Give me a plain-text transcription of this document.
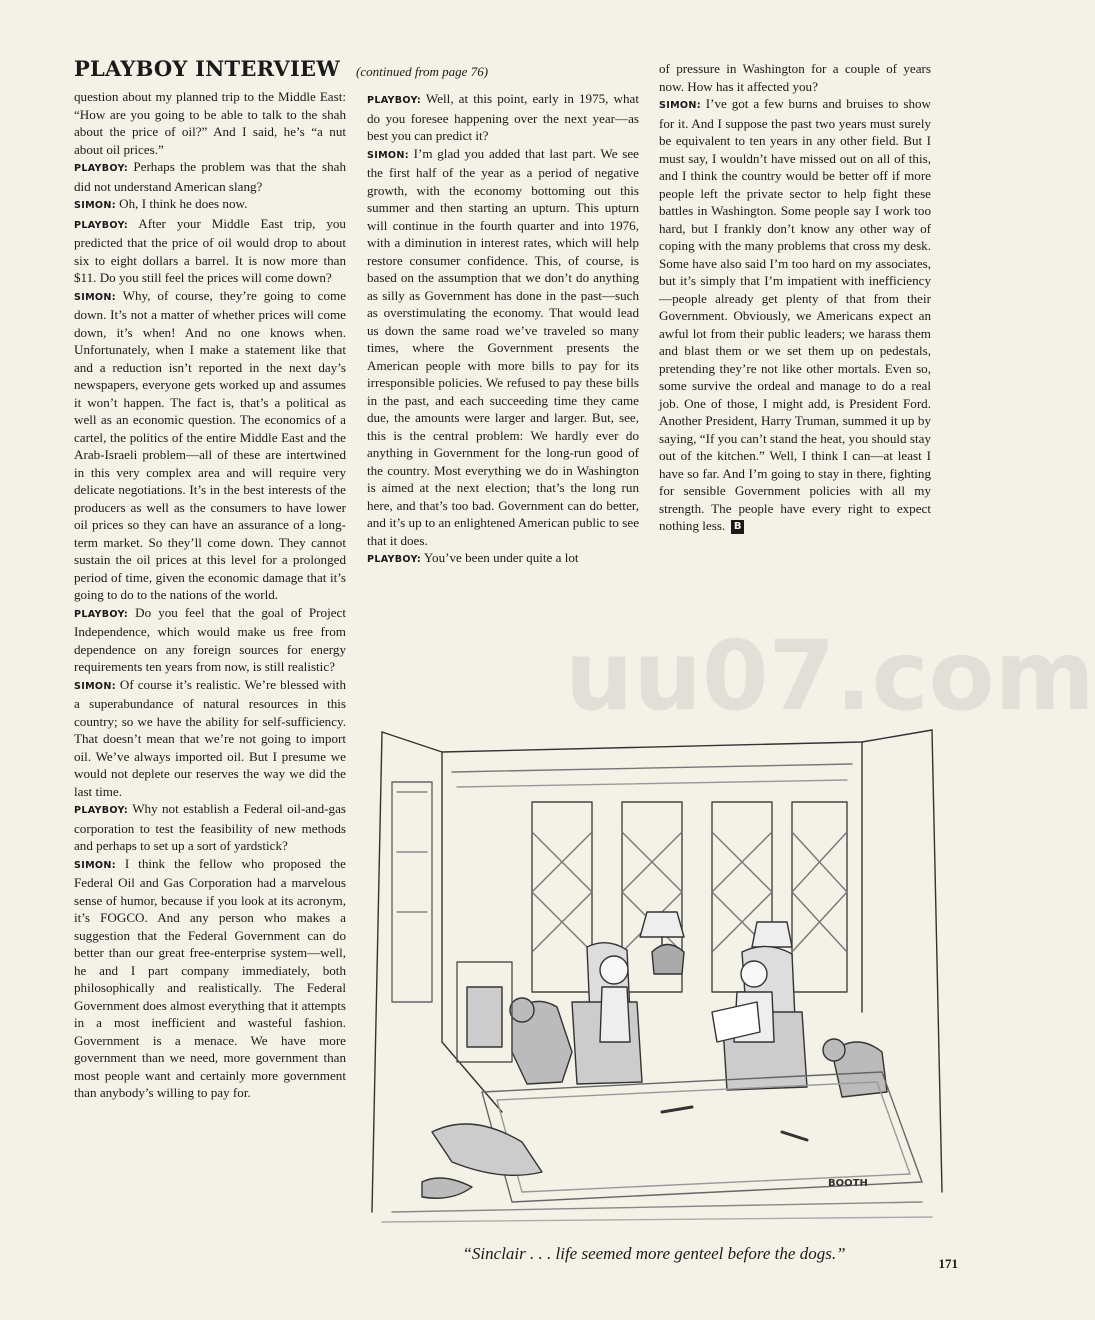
PLAYBOY INTERVIEW (continued from page 76)

question about my planned trip to the Middle East: “How are you going to be able to talk to the shah about the price of oil?” And I said, he’s “a nut about oil prices.”

PLAYBOY: Perhaps the problem was that the shah did not understand American slang?

SIMON: Oh, I think he does now.

PLAYBOY: After your Middle East trip, you predicted that the price of oil would drop to about six to eight dollars a barrel. It is now more than $11. Do you still feel the prices will come down?

SIMON: Why, of course, they’re going to come down. It’s not a matter of whether prices will come down, it’s when! And no one knows when. Unfortunately, when I make a statement like that and a reduction isn’t reported in the next day’s newspapers, everyone gets worked up and assumes it won’t happen. The fact is, that’s a political as well as an economic question. The economics of a cartel, the politics of the entire Middle East and the Arab-Israeli problem—all of these are intertwined in this very complex area and will require very delicate negotiations. It’s in the best interests of the producers as well as the consumers to have lower oil prices so they can have an assurance of a long-term market. So they’ll come down. They cannot sustain the oil prices at this level for a prolonged period of time, given the economic damage that it’s going to do to the nations of the world.

PLAYBOY: Do you feel that the goal of Project Independence, which would make us free from dependence on any foreign sources for energy requirements ten years from now, is still realistic?

SIMON: Of course it’s realistic. We’re blessed with a superabundance of natural resources in this country; so we have the ability for self-sufficiency. That doesn’t mean that we’re not going to import oil. We’ve always imported oil. But I presume we would not deplete our reserves the way we did the last time.

PLAYBOY: Why not establish a Federal oil-and-gas corporation to test the feasibility of new methods and perhaps to set up a sort of yardstick?

SIMON: I think the fellow who proposed the Federal Oil and Gas Corporation had a marvelous sense of humor, because if you look at its acronym, it’s FOGCO. And any person who makes a suggestion that the Federal Government can do better than our great free-enterprise system—well, he and I part company immediately, both philosophically and realistically. The Federal Government does almost everything that it attempts in a most inefficient and wasteful fashion. Government is a menace. We have more government than we need, more government than most people want and certainly more government than anybody’s willing to pay for.

PLAYBOY: Well, at this point, early in 1975, what do you foresee happening over the next year—as best you can predict it?

SIMON: I’m glad you added that last part. We see the first half of the year as a period of negative growth, with the economy bottoming out this summer and then starting an upturn. This upturn will continue in the fourth quarter and into 1976, with a diminution in interest rates, which will help restore consumer confidence. This, of course, is based on the assumption that we don’t do anything as silly as Government has done in the past—such as overstimulating the economy. That would lead us down the same road we’ve traveled so many times, where the Government presents the American people with more bills to pay for its irresponsible policies. We refused to pay these bills in the past, and each succeeding time they came due, the amounts were larger and larger. But, see, this is the central problem: We hardly ever do anything in Government for the long-run good of the country. Most everything we do in Washington is aimed at the next election; that’s the long run here, and that’s too bad. Government can do better, and it’s up to an enlightened American public to see that it does.

PLAYBOY: You’ve been under quite a lot

of pressure in Washington for a couple of years now. How has it affected you?

SIMON: I’ve got a few burns and bruises to show for it. And I suppose the past two years must surely be equivalent to ten years in any other field. But I must say, I wouldn’t have missed out on all of this, and I think the country would be better off if more people left the private sector to help fight these battles in Washington. Some people say I work too hard, but I frankly don’t know any other way of coping with the many problems that cross my desk. Some have also said I’m too hard on my associates, but it’s simply that I’m impatient with inefficiency—people already get plenty of that from their Government. Obviously, we Americans expect an awful lot from their public leaders; we harass them and blast them or we set them up on pedestals, pretending they’re not like other mortals. Even so, some survive the ordeal and manage to do a real job. One of those, I might add, is President Ford. Another President, Harry Truman, summed it up by saying, “If you can’t stand the heat, you should stay out of the kitchen.” Well, I think I can—at least I have so far. And I’m going to stay in there, fighting for sensible Government policies with all my strength. The people have every right to expect nothing less. B

uu07.com
BOOTH
“Sinclair . . . life seemed more genteel before the dogs.”
171
